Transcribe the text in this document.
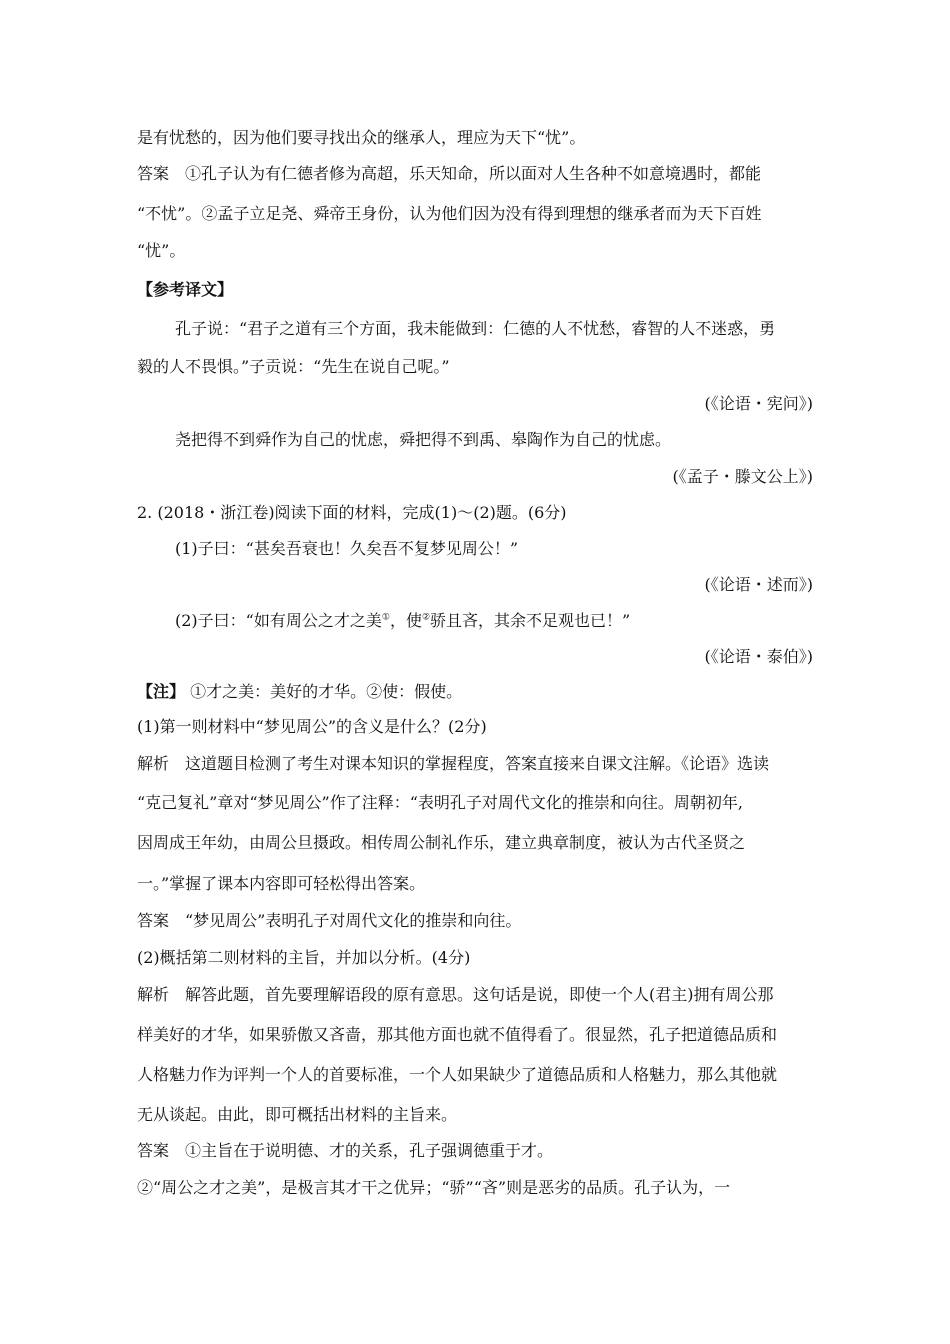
是有忧愁的，因为他们要寻找出众的继承人，理应为天下“忧”。
答案　①孔子认为有仁德者修为高超，乐天知命，所以面对人生各种不如意境遇时，都能
“不忧”。②孟子立足尧、舜帝王身份，认为他们因为没有得到理想的继承者而为天下百姓
“忧”。
【参考译文】
孔子说：“君子之道有三个方面，我未能做到：仁德的人不忧愁，睿智的人不迷惑，勇
毅的人不畏惧。”子贡说：“先生在说自己呢。”
(《论语・宪问》)
尧把得不到舜作为自己的忧虑，舜把得不到禹、皋陶作为自己的忧虑。
(《孟子・滕文公上》)
2. (2018・浙江卷)阅读下面的材料，完成(1)～(2)题。(6分)
(1)子曰：“甚矣吾衰也！久矣吾不复梦见周公！”
(《论语・述而》)
(2)子曰：“如有周公之才之美①，使②骄且吝，其余不足观也已！”
(《论语・泰伯》)
【注】 ①才之美：美好的才华。②使：假使。
(1)第一则材料中“梦见周公”的含义是什么？(2分)
解析　这道题目检测了考生对课本知识的掌握程度，答案直接来自课文注解。《论语》选读
“克己复礼”章对“梦见周公”作了注释：“表明孔子对周代文化的推崇和向往。周朝初年,
因周成王年幼，由周公旦摄政。相传周公制礼作乐，建立典章制度，被认为古代圣贤之
一。”掌握了课本内容即可轻松得出答案。
答案　“梦见周公”表明孔子对周代文化的推崇和向往。
(2)概括第二则材料的主旨，并加以分析。(4分)
解析　解答此题，首先要理解语段的原有意思。这句话是说，即使一个人(君主)拥有周公那
样美好的才华，如果骄傲又吝啬，那其他方面也就不值得看了。很显然，孔子把道德品质和
人格魅力作为评判一个人的首要标准，一个人如果缺少了道德品质和人格魅力，那么其他就
无从谈起。由此，即可概括出材料的主旨来。
答案　①主旨在于说明德、才的关系，孔子强调德重于才。
②“周公之才之美”，是极言其才干之优异；“骄”“吝”则是恶劣的品质。孔子认为，一
